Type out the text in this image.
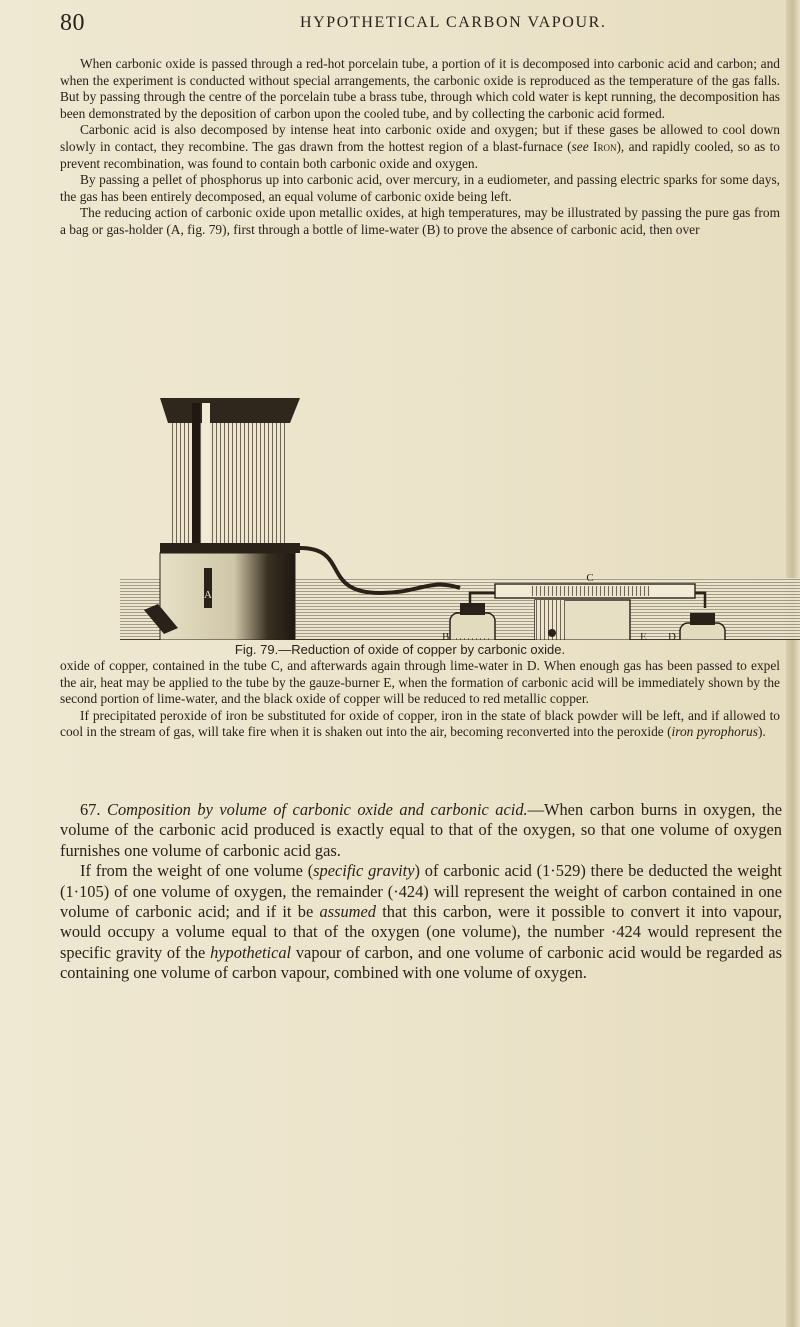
80	HYPOTHETICAL CARBON VAPOUR.

When carbonic oxide is passed through a red-hot porcelain tube, a portion of it is decomposed into carbonic acid and carbon; and when the experiment is conducted without special arrangements, the carbonic oxide is reproduced as the temperature of the gas falls. But by passing through the centre of the porcelain tube a brass tube, through which cold water is kept running, the decomposition has been demonstrated by the deposition of carbon upon the cooled tube, and by collecting the carbonic acid formed.

Carbonic acid is also decomposed by intense heat into carbonic oxide and oxygen; but if these gases be allowed to cool down slowly in contact, they recombine. The gas drawn from the hottest region of a blast-furnace (see Iron), and rapidly cooled, so as to prevent recombination, was found to contain both carbonic oxide and oxygen.

By passing a pellet of phosphorus up into carbonic acid, over mercury, in a eudiometer, and passing electric sparks for some days, the gas has been entirely decomposed, an equal volume of carbonic oxide being left.

The reducing action of carbonic oxide upon metallic oxides, at high temperatures, may be illustrated by passing the pure gas from a bag or gas-holder (A, fig. 79), first through a bottle of lime-water (B) to prove the absence of carbonic acid, then over

A
B
C
E D
Fig. 79.—Reduction of oxide of copper by carbonic oxide.

oxide of copper, contained in the tube C, and afterwards again through lime-water in D. When enough gas has been passed to expel the air, heat may be applied to the tube by the gauze-burner E, when the formation of carbonic acid will be immediately shown by the second portion of lime-water, and the black oxide of copper will be reduced to red metallic copper.

If precipitated peroxide of iron be substituted for oxide of copper, iron in the state of black powder will be left, and if allowed to cool in the stream of gas, will take fire when it is shaken out into the air, becoming reconverted into the peroxide (iron pyrophorus).

67. Composition by volume of carbonic oxide and carbonic acid.—When carbon burns in oxygen, the volume of the carbonic acid produced is exactly equal to that of the oxygen, so that one volume of oxygen furnishes one volume of carbonic acid gas.

If from the weight of one volume (specific gravity) of carbonic acid (1·529) there be deducted the weight (1·105) of one volume of oxygen, the remainder (·424) will represent the weight of carbon contained in one volume of carbonic acid; and if it be assumed that this carbon, were it possible to convert it into vapour, would occupy a volume equal to that of the oxygen (one volume), the number ·424 would represent the specific gravity of the hypothetical vapour of carbon, and one volume of carbonic acid would be regarded as containing one volume of carbon vapour, combined with one volume of oxygen.
